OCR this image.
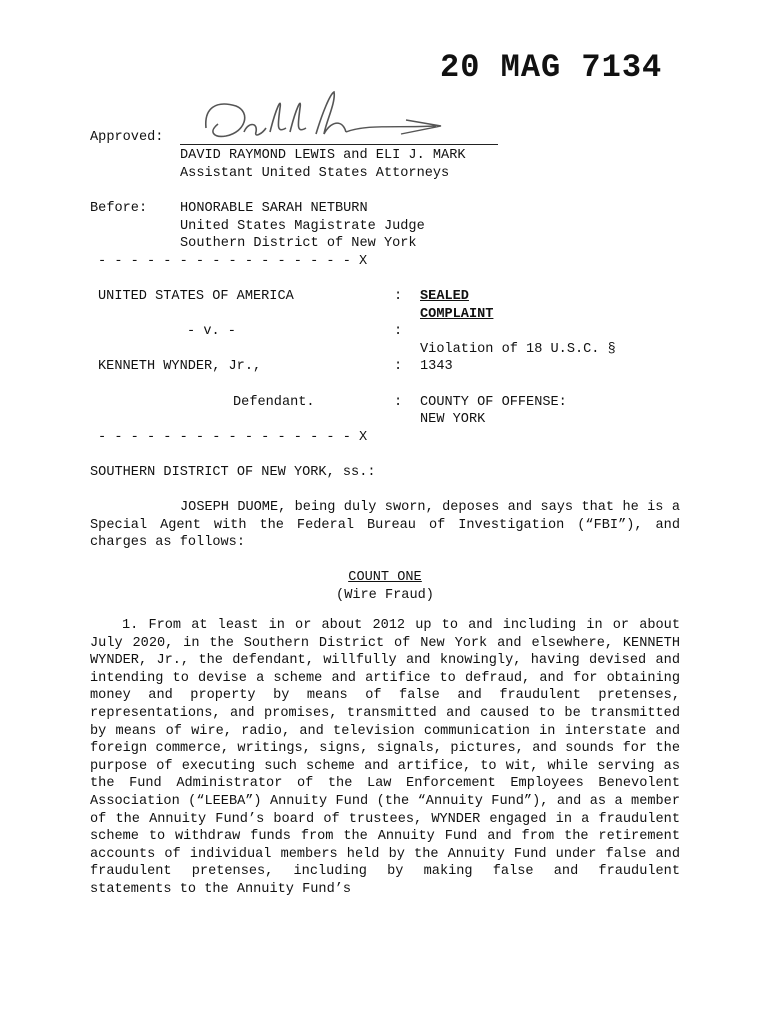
20 MAG 7134
Approved:
DAVID RAYMOND LEWIS and ELI J. MARK
Assistant United States Attorneys
Before: HONORABLE SARAH NETBURN
United States Magistrate Judge
Southern District of New York
- - - - - - - - - - - - - - - - X
UNITED STATES OF AMERICA	: SEALED
COMPLAINT
- v. -	:
Violation of 18 U.S.C. §
KENNETH WYNDER, Jr.,	: 1343
Defendant.	: COUNTY OF OFFENSE:
NEW YORK
- - - - - - - - - - - - - - - - X
SOUTHERN DISTRICT OF NEW YORK, ss.:

JOSEPH DUOME, being duly sworn, deposes and says that he is a Special Agent with the Federal Bureau of Investigation (“FBI”), and charges as follows:

COUNT ONE
(Wire Fraud)

1. From at least in or about 2012 up to and including in or about July 2020, in the Southern District of New York and elsewhere, KENNETH WYNDER, Jr., the defendant, willfully and knowingly, having devised and intending to devise a scheme and artifice to defraud, and for obtaining money and property by means of false and fraudulent pretenses, representations, and promises, transmitted and caused to be transmitted by means of wire, radio, and television communication in interstate and foreign commerce, writings, signs, signals, pictures, and sounds for the purpose of executing such scheme and artifice, to wit, while serving as the Fund Administrator of the Law Enforcement Employees Benevolent Association (“LEEBA”) Annuity Fund (the “Annuity Fund”), and as a member of the Annuity Fund’s board of trustees, WYNDER engaged in a fraudulent scheme to withdraw funds from the Annuity Fund and from the retirement accounts of individual members held by the Annuity Fund under false and fraudulent pretenses, including by making false and fraudulent statements to the Annuity Fund’s
